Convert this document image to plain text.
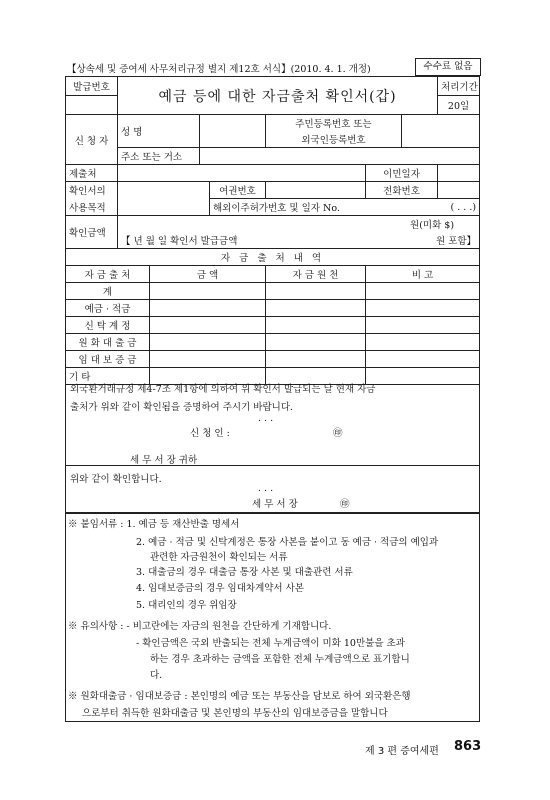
【상속세 및 증여세 사무처리규정 별지 제12호 서식】(2010. 4. 1. 개정)	수수료 없음
발급번호	예금 등에 대한 자금출처 확인서(갑)							처리기간
								20일
신 청 자	성 명				주민등록번호 또는			
					외국인등록번호			
	주소 또는 거소							
제출처						이민일자		
확인서의				여권번호		전화번호		
사용목적				해외이주허가번호 및 일자 No.			( . . .)	
확인금액	원(미화 $)							
	【 년 월 일 확인서 발급금액						원 포함】	
자 금 출 처 내 역								
자 금 출 처		금 액			자 금 원 천	비 고		
계								
예금 · 적금								
신 탁 계 정								
원 화 대 출 금								
임 대 보 증 금								
기 타								
외국환거래규정 제4-7조 제1항에 의하여 위 확인서 발급되는 날 현재 자금
출처가 위와 같이 확인됨을 증명하여 주시기 바랍니다.
. . .
신 청 인 :	㊞
세 무 서 장 귀하
위와 같이 확인합니다.
. . .
세 무 서 장	㊞
※ 붙임서류 : 1. 예금 등 재산반출 명세서
2. 예금 · 적금 및 신탁계정은 통장 사본을 붙이고 동 예금 · 적금의 예입과
관련한 자금원천이 확인되는 서류
3. 대출금의 경우 대출금 통장 사본 및 대출관련 서류
4. 임대보증금의 경우 임대차계약서 사본
5. 대리인의 경우 위임장
※ 유의사항 : - 비고란에는 자금의 원천을 간단하게 기재합니다.
- 확인금액은 국외 반출되는 전체 누계금액이 미화 10만불을 초과
하는 경우 초과하는 금액을 포함한 전체 누계금액으로 표기합니
다.
※ 원화대출금 · 임대보증금 : 본인명의 예금 또는 부동산을 담보로 하여 외국환은행
으로부터 취득한 원화대출금 및 본인명의 부동산의 임대보증금을 말합니다
제 3 편 증여세편 863
